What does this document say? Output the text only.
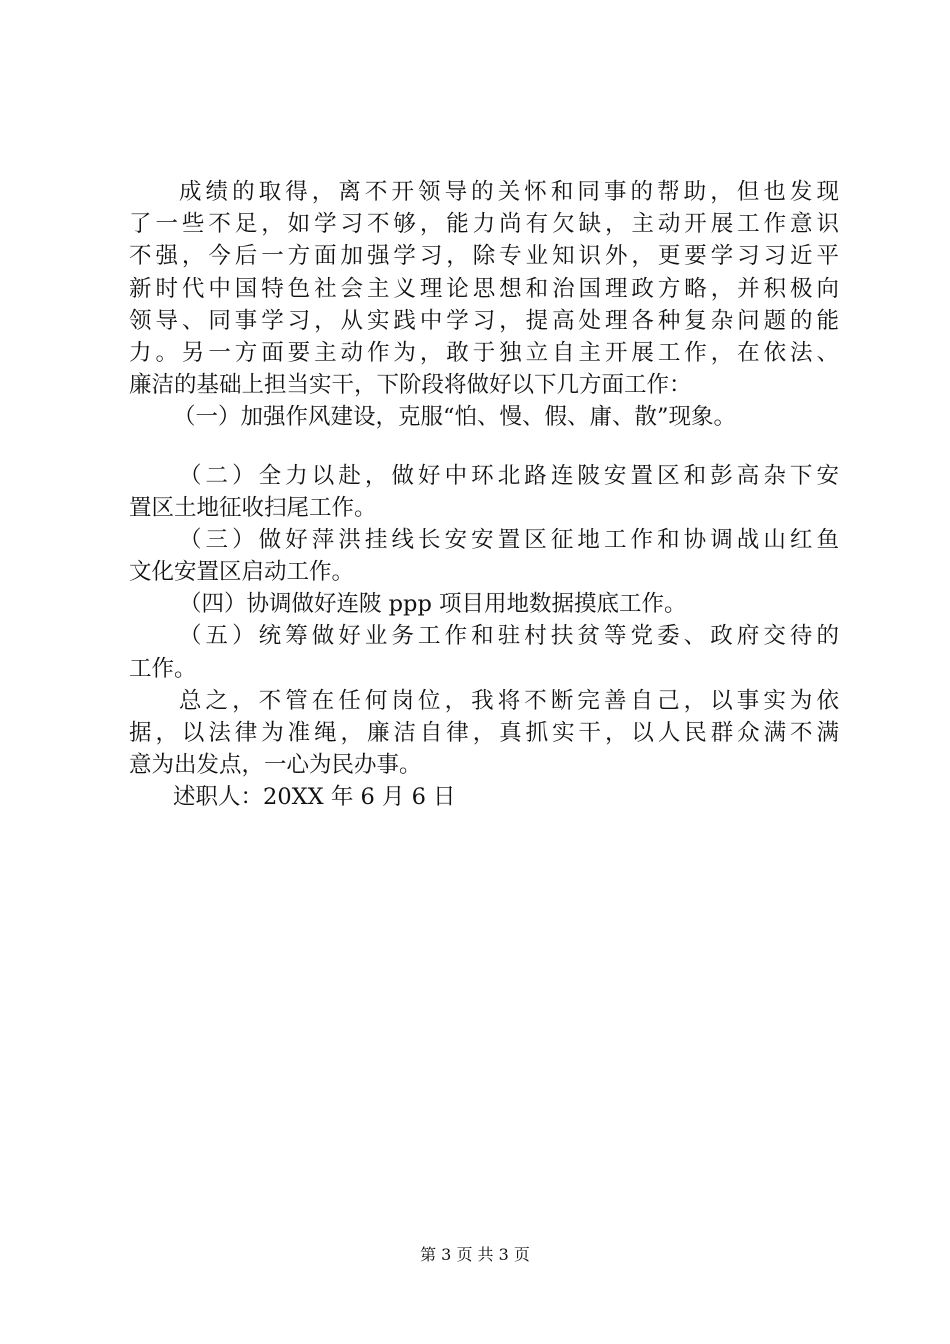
成绩的取得，离不开领导的关怀和同事的帮助，但也发现
了一些不足，如学习不够，能力尚有欠缺，主动开展工作意识
不强，今后一方面加强学习，除专业知识外，更要学习习近平
新时代中国特色社会主义理论思想和治国理政方略，并积极向
领导、同事学习，从实践中学习，提高处理各种复杂问题的能
力。另一方面要主动作为，敢于独立自主开展工作，在依法、
廉洁的基础上担当实干，下阶段将做好以下几方面工作：
（一）加强作风建设，克服“怕、慢、假、庸、散”现象。
（二）全力以赴，做好中环北路连陂安置区和彭高杂下安
置区土地征收扫尾工作。
（三）做好萍洪挂线长安安置区征地工作和协调战山红鱼
文化安置区启动工作。
（四）协调做好连陂 ppp 项目用地数据摸底工作。
（五）统筹做好业务工作和驻村扶贫等党委、政府交待的
工作。
总之，不管在任何岗位，我将不断完善自己，以事实为依
据，以法律为准绳，廉洁自律，真抓实干，以人民群众满不满
意为出发点，一心为民办事。
述职人：20XX 年 6 月 6 日
第 3 页 共 3 页
